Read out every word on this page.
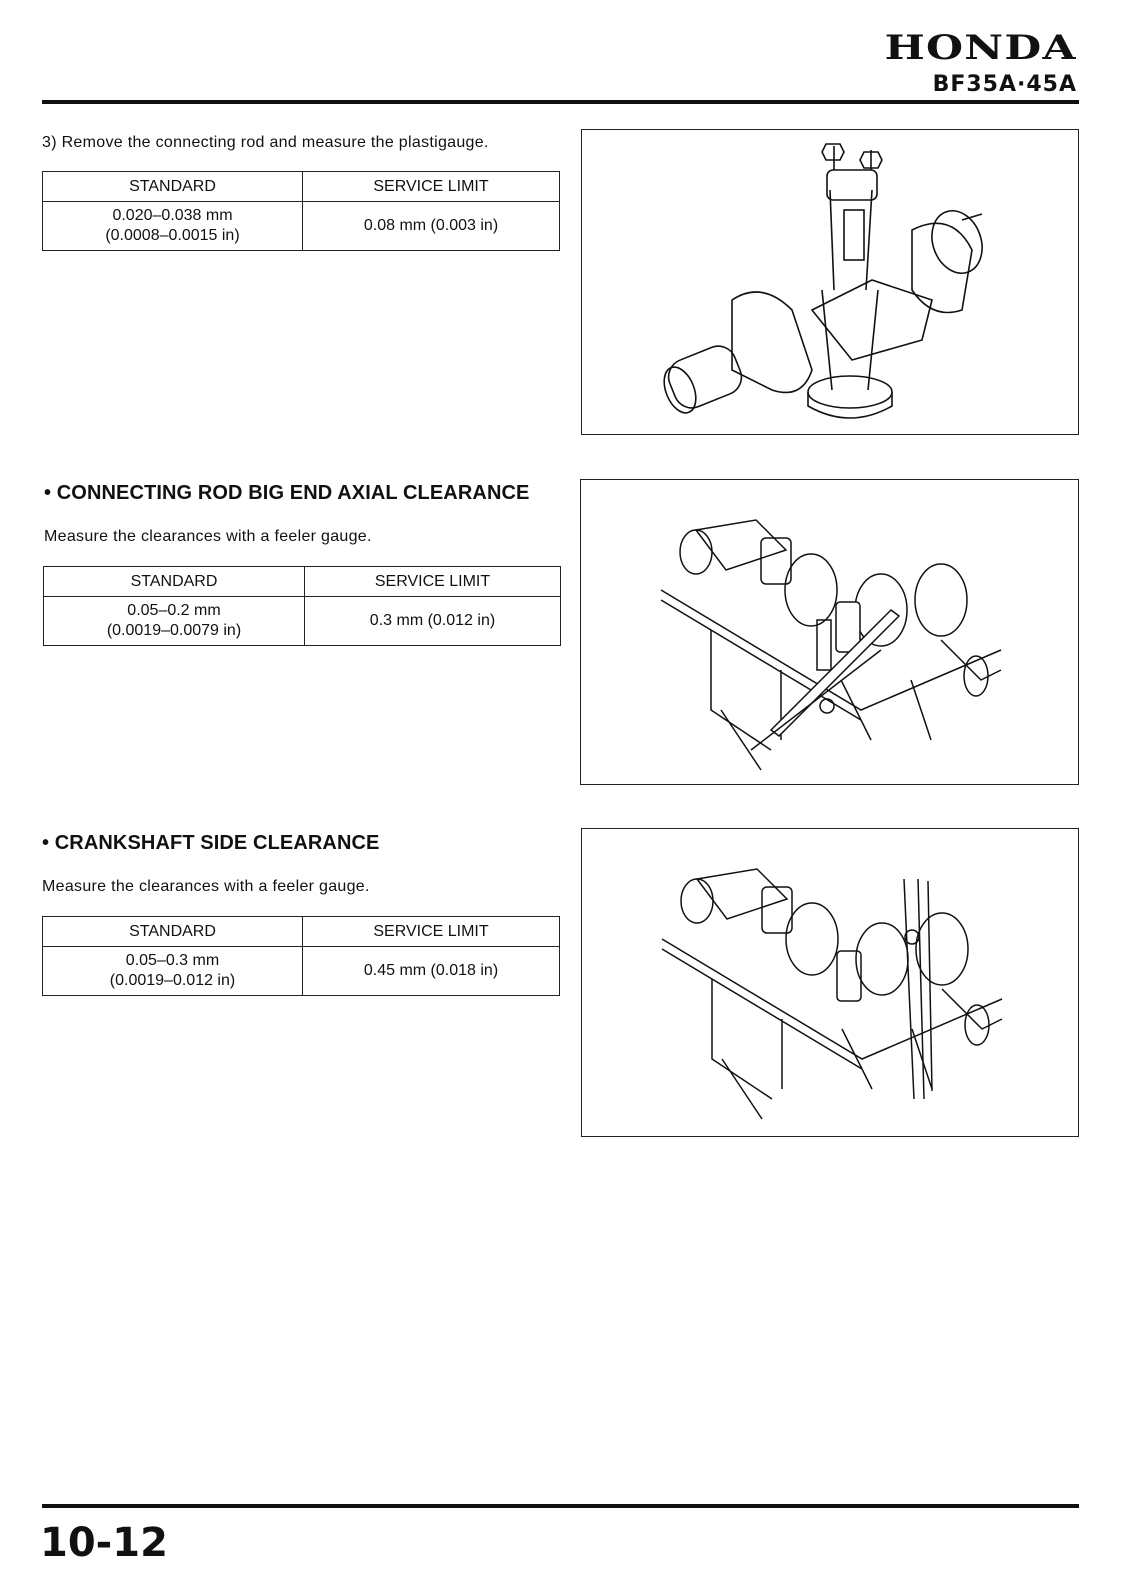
HONDA
BF35A·45A
3) Remove the connecting rod and measure the plastigauge.
STANDARD	SERVICE LIMIT

0.020–0.038 mm
(0.0008–0.0015 in)	0.08 mm (0.003 in)
• CONNECTING ROD BIG END AXIAL CLEARANCE
Measure the clearances with a feeler gauge.
STANDARD	SERVICE LIMIT

0.05–0.2 mm
(0.0019–0.0079 in)	0.3 mm (0.012 in)
• CRANKSHAFT SIDE CLEARANCE
Measure the clearances with a feeler gauge.
STANDARD	SERVICE LIMIT

0.05–0.3 mm
(0.0019–0.012 in)	0.45 mm (0.018 in)
10-12
